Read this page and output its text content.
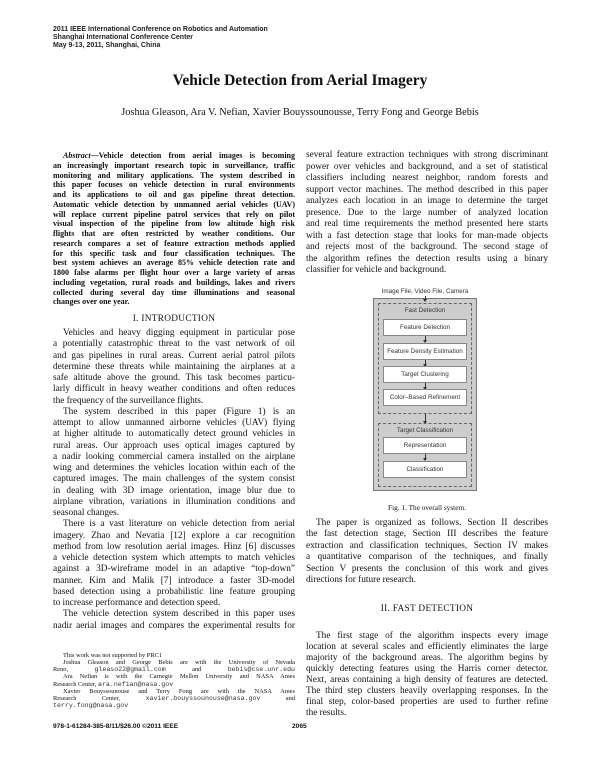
2011 IEEE International Conference on Robotics and Automation
Shanghai International Conference Center
May 9-13, 2011, Shanghai, China
Vehicle Detection from Aerial Imagery
Joshua Gleason, Ara V. Nefian, Xavier Bouyssounousse, Terry Fong and George Bebis
Abstract—Vehicle detection from aerial images is becoming
an increasingly important research topic in surveillance, traffic
monitoring and military applications. The system described in
this paper focuses on vehicle detection in rural environments
and its applications to oil and gas pipeline threat detection.
Automatic vehicle detection by unmanned aerial vehicles (UAV)
will replace current pipeline patrol services that rely on pilot
visual inspection of the pipeline from low altitude high risk
flights that are often restricted by weather conditions. Our
research compares a set of feature extraction methods applied
for this specific task and four classification techniques. The
best system achieves an average 85% vehicle detection rate and
1800 false alarms per flight hour over a large variety of areas
including vegetation, rural roads and buildings, lakes and rivers
collected during several day time illuminations and seasonal
changes over one year.
I. INTRODUCTION
Vehicles and heavy digging equipment in particular pose
a potentially catastrophic threat to the vast network of oil
and gas pipelines in rural areas. Current aerial patrol pilots
determine these threats while maintaining the airplanes at a
safe altitude above the ground. This task becomes particu-
larly difficult in heavy weather conditions and often reduces
the frequency of the surveillance flights.
The system described in this paper (Figure 1) is an
attempt to allow unmanned airborne vehicles (UAV) flying
at higher altitude to automatically detect ground vehicles in
rural areas. Our approach uses optical images captured by
a nadir looking commercial camera installed on the airplane
wing and determines the vehicles location within each of the
captured images. The main challenges of the system consist
in dealing with 3D image orientation, image blur due to
airplane vibration, variations in illumination conditions and
seasonal changes.
There is a vast literature on vehicle detection from aerial
imagery. Zhao and Nevatia [12] explore a car recognition
method from low resolution aerial images. Hinz [6] discusses
a vehicle detection system which attempts to match vehicles
against a 3D-wireframe model in an adaptive “top-down”
manner. Kim and Malik [7] introduce a faster 3D-model
based detection using a probabilistic line feature grouping
to increase performance and detection speed.
The vehicle detection system described in this paper uses
nadir aerial images and compares the experimental results for
This work was not supported by PRC1
Joshua Gleason and George Bebis are with the University of Nevada
Reno, gleaso22@gmail.com and bebis@cse.unr.edu
Ara Nefian is with the Carnegie Mellon University and NASA Ames
Research Center, ara.nefian@nasa.gov
Xavier Bouyssounouse and Terry Fong are with the NASA Ames
Research Center, xavier.bouyssounouse@nasa.gov and
terry.fong@nasa.gov
978-1-61284-385-8/11/$26.00 ©2011 IEEE	2065
several feature extraction techniques with strong discriminant
power over vehicles and background, and a set of statistical
classifiers including nearest neighbor, random forests and
support vector machines. The method described in this paper
analyzes each location in an image to determine the target
presence. Due to the large number of analyzed location
and real time requirements the method presented here starts
with a fast detection stage that looks for man-made objects
and rejects most of the background. The second stage of
the algorithm refines the detection results using a binary
classifier for vehicle and background.
Image File, Video File, Camera
Fast Detection
Feature Detection
Feature Density Estimation
Target Clustering
Color–Based Refinement
Target Classification
Representation
Classification
Fig. 1. The overall system.
The paper is organized as follows. Section II describes
the fast detection stage, Section III describes the feature
extraction and classification techniques, Section IV makes
a quantitative comparison of the techniques, and finally
Section V presents the conclusion of this work and gives
directions for future research.
II. FAST DETECTION
The first stage of the algorithm inspects every image
location at several scales and efficiently eliminates the large
majority of the background areas. The algorithm begins by
quickly detecting features using the Harris corner detector.
Next, areas containing a high density of features are detected.
The third step clusters heavily overlapping responses. In the
final step, color-based properties are used to further refine
the results.
